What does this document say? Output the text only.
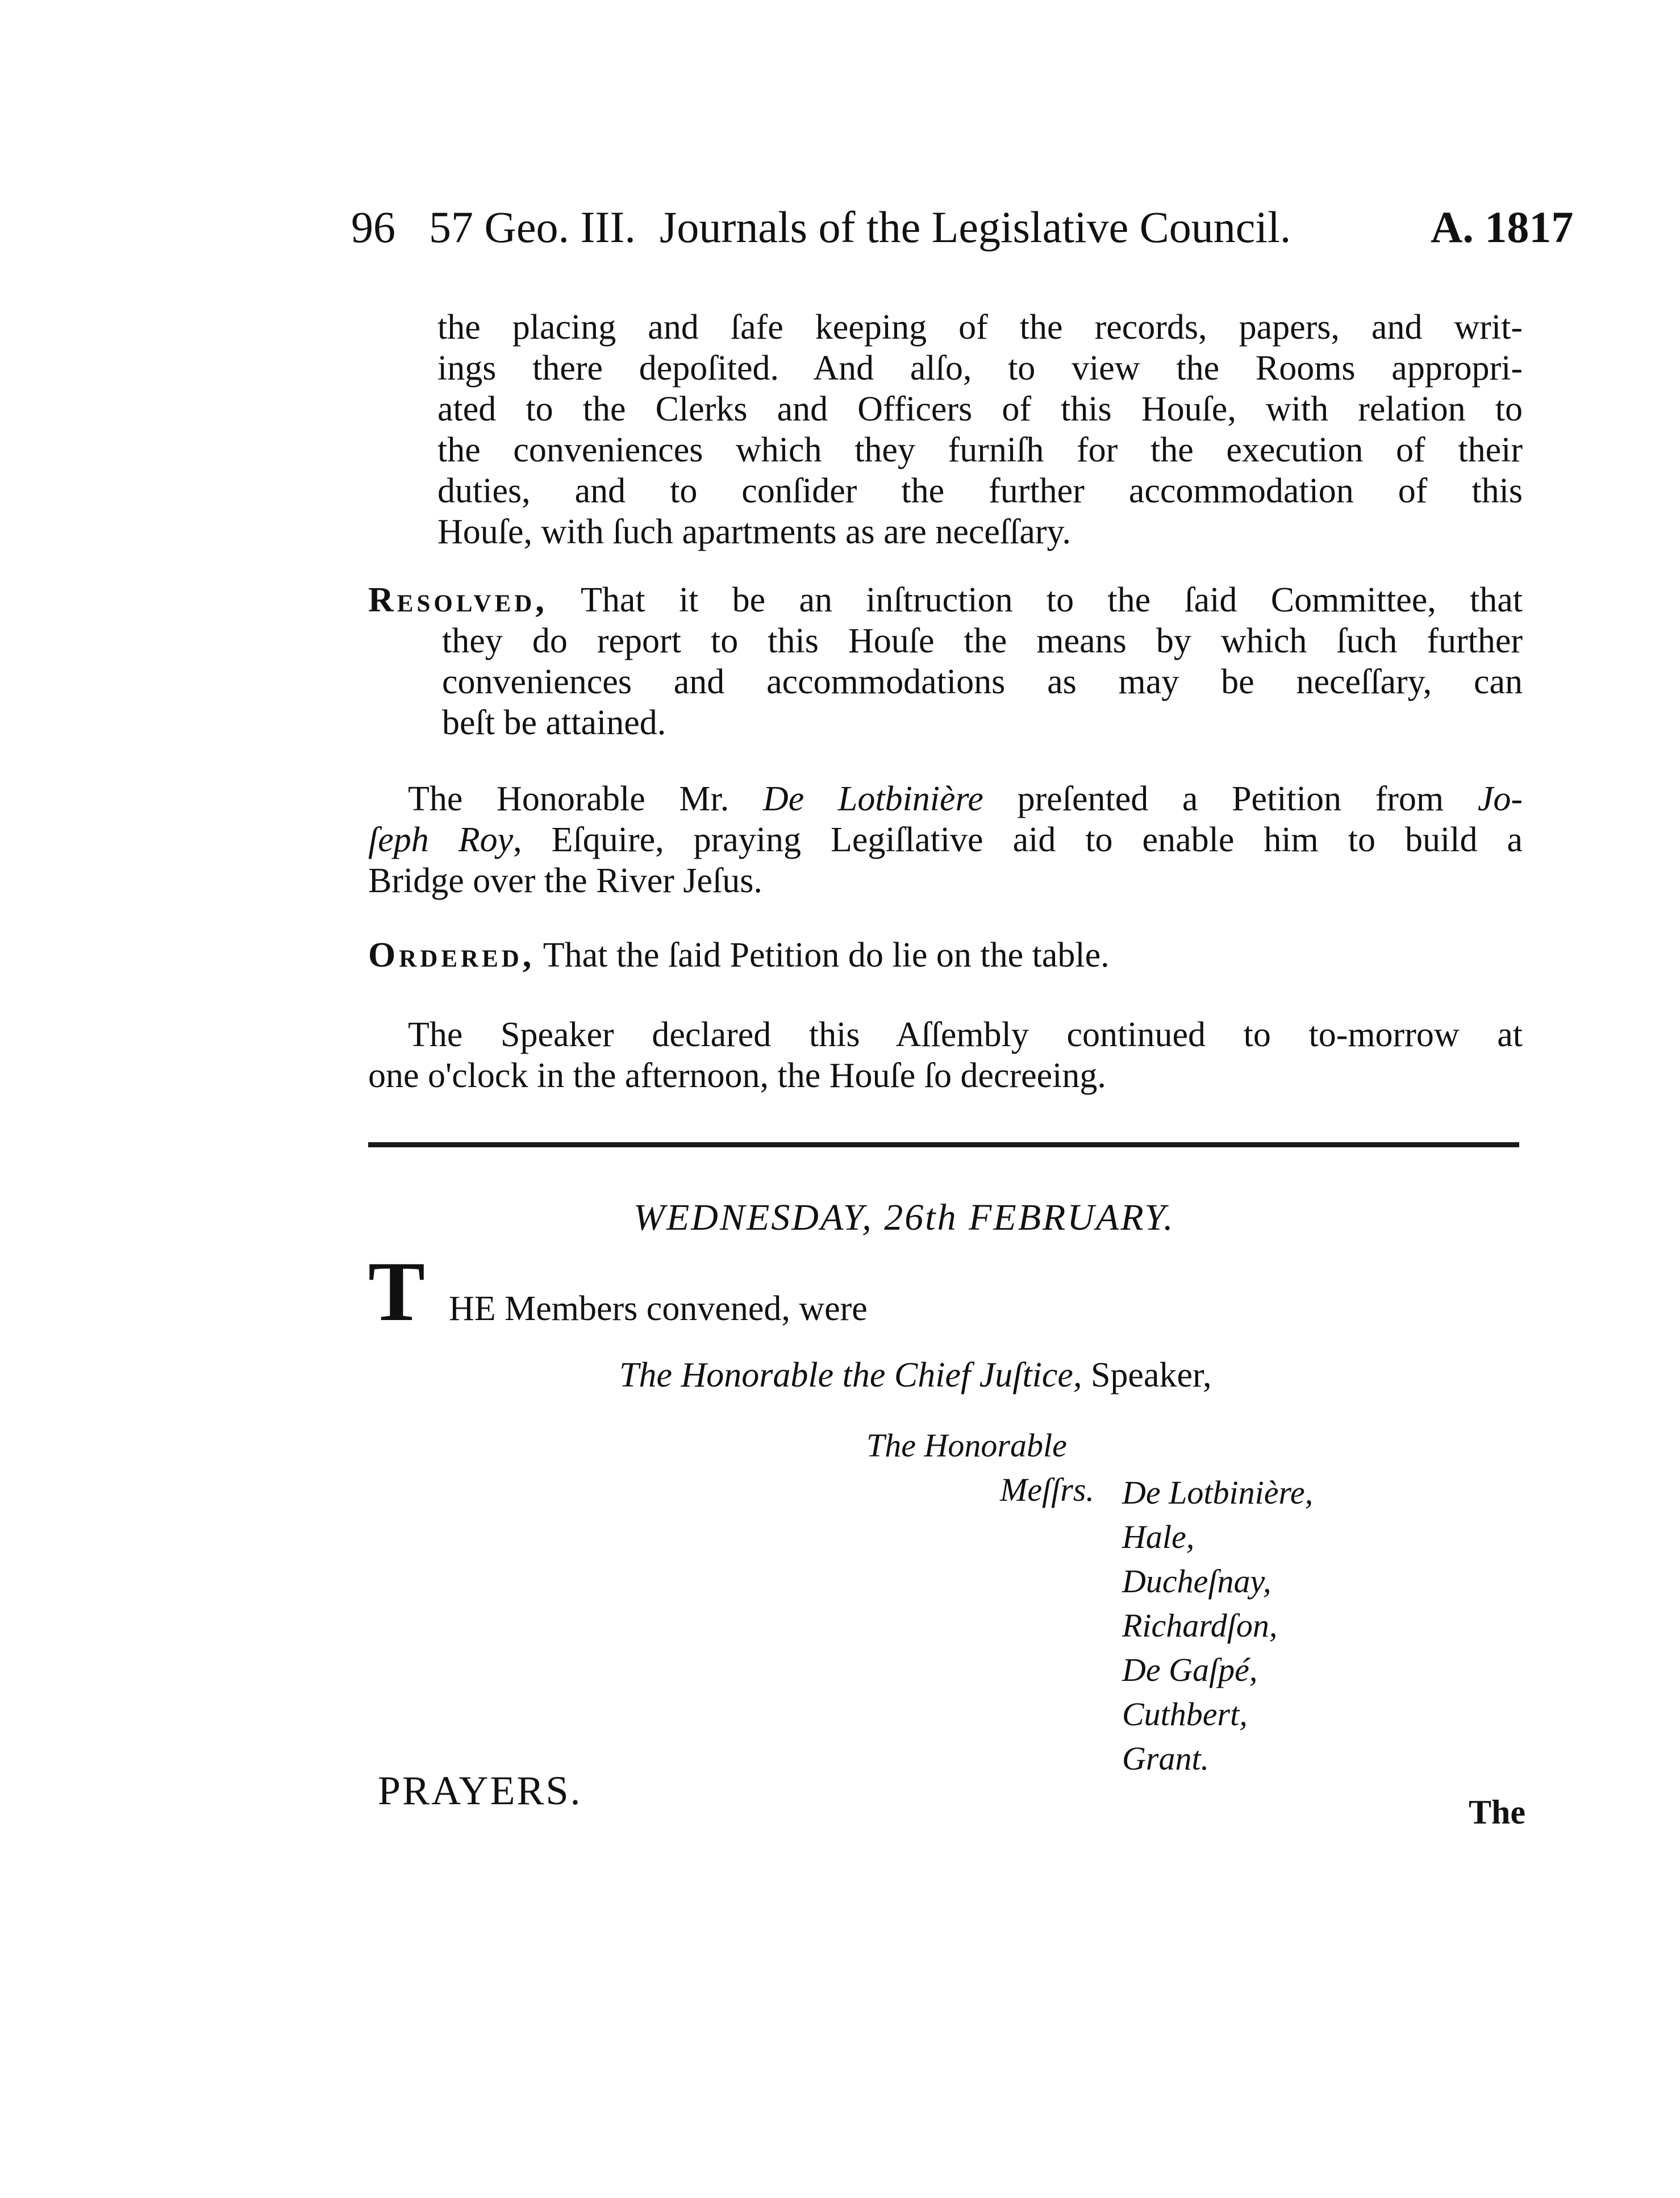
96 57 Geo. III. Journals of the Legislative Council.	A. 1817
the placing and ſafe keeping of the records, papers, and writ-
ings there depoſited. And alſo, to view the Rooms appropri-
ated to the Clerks and Officers of this Houſe, with relation to
the conveniences which they furniſh for the execution of their
duties, and to conſider the further accommodation of this
Houſe, with ſuch apartments as are neceſſary.
Resolved, That it be an inſtruction to the ſaid Committee, that
they do report to this Houſe the means by which ſuch further
conveniences and accommodations as may be neceſſary, can
beſt be attained.
The Honorable Mr. De Lotbinière preſented a Petition from Jo-
ſeph Roy, Eſquire, praying Legiſlative aid to enable him to build a
Bridge over the River Jeſus.
Ordered, That the ſaid Petition do lie on the table.
The Speaker declared this Aſſembly continued to to-morrow at
one o'clock in the afternoon, the Houſe ſo decreeing.
WEDNESDAY, 26th FEBRUARY.
T HE Members convened, were
The Honorable the Chief Juſtice, Speaker,
The Honorable
Meſſrs. De Lotbinière,
Hale,
Ducheſnay,
Richardſon,
De Gaſpé,
Cuthbert,
Grant.
PRAYERS.	The
